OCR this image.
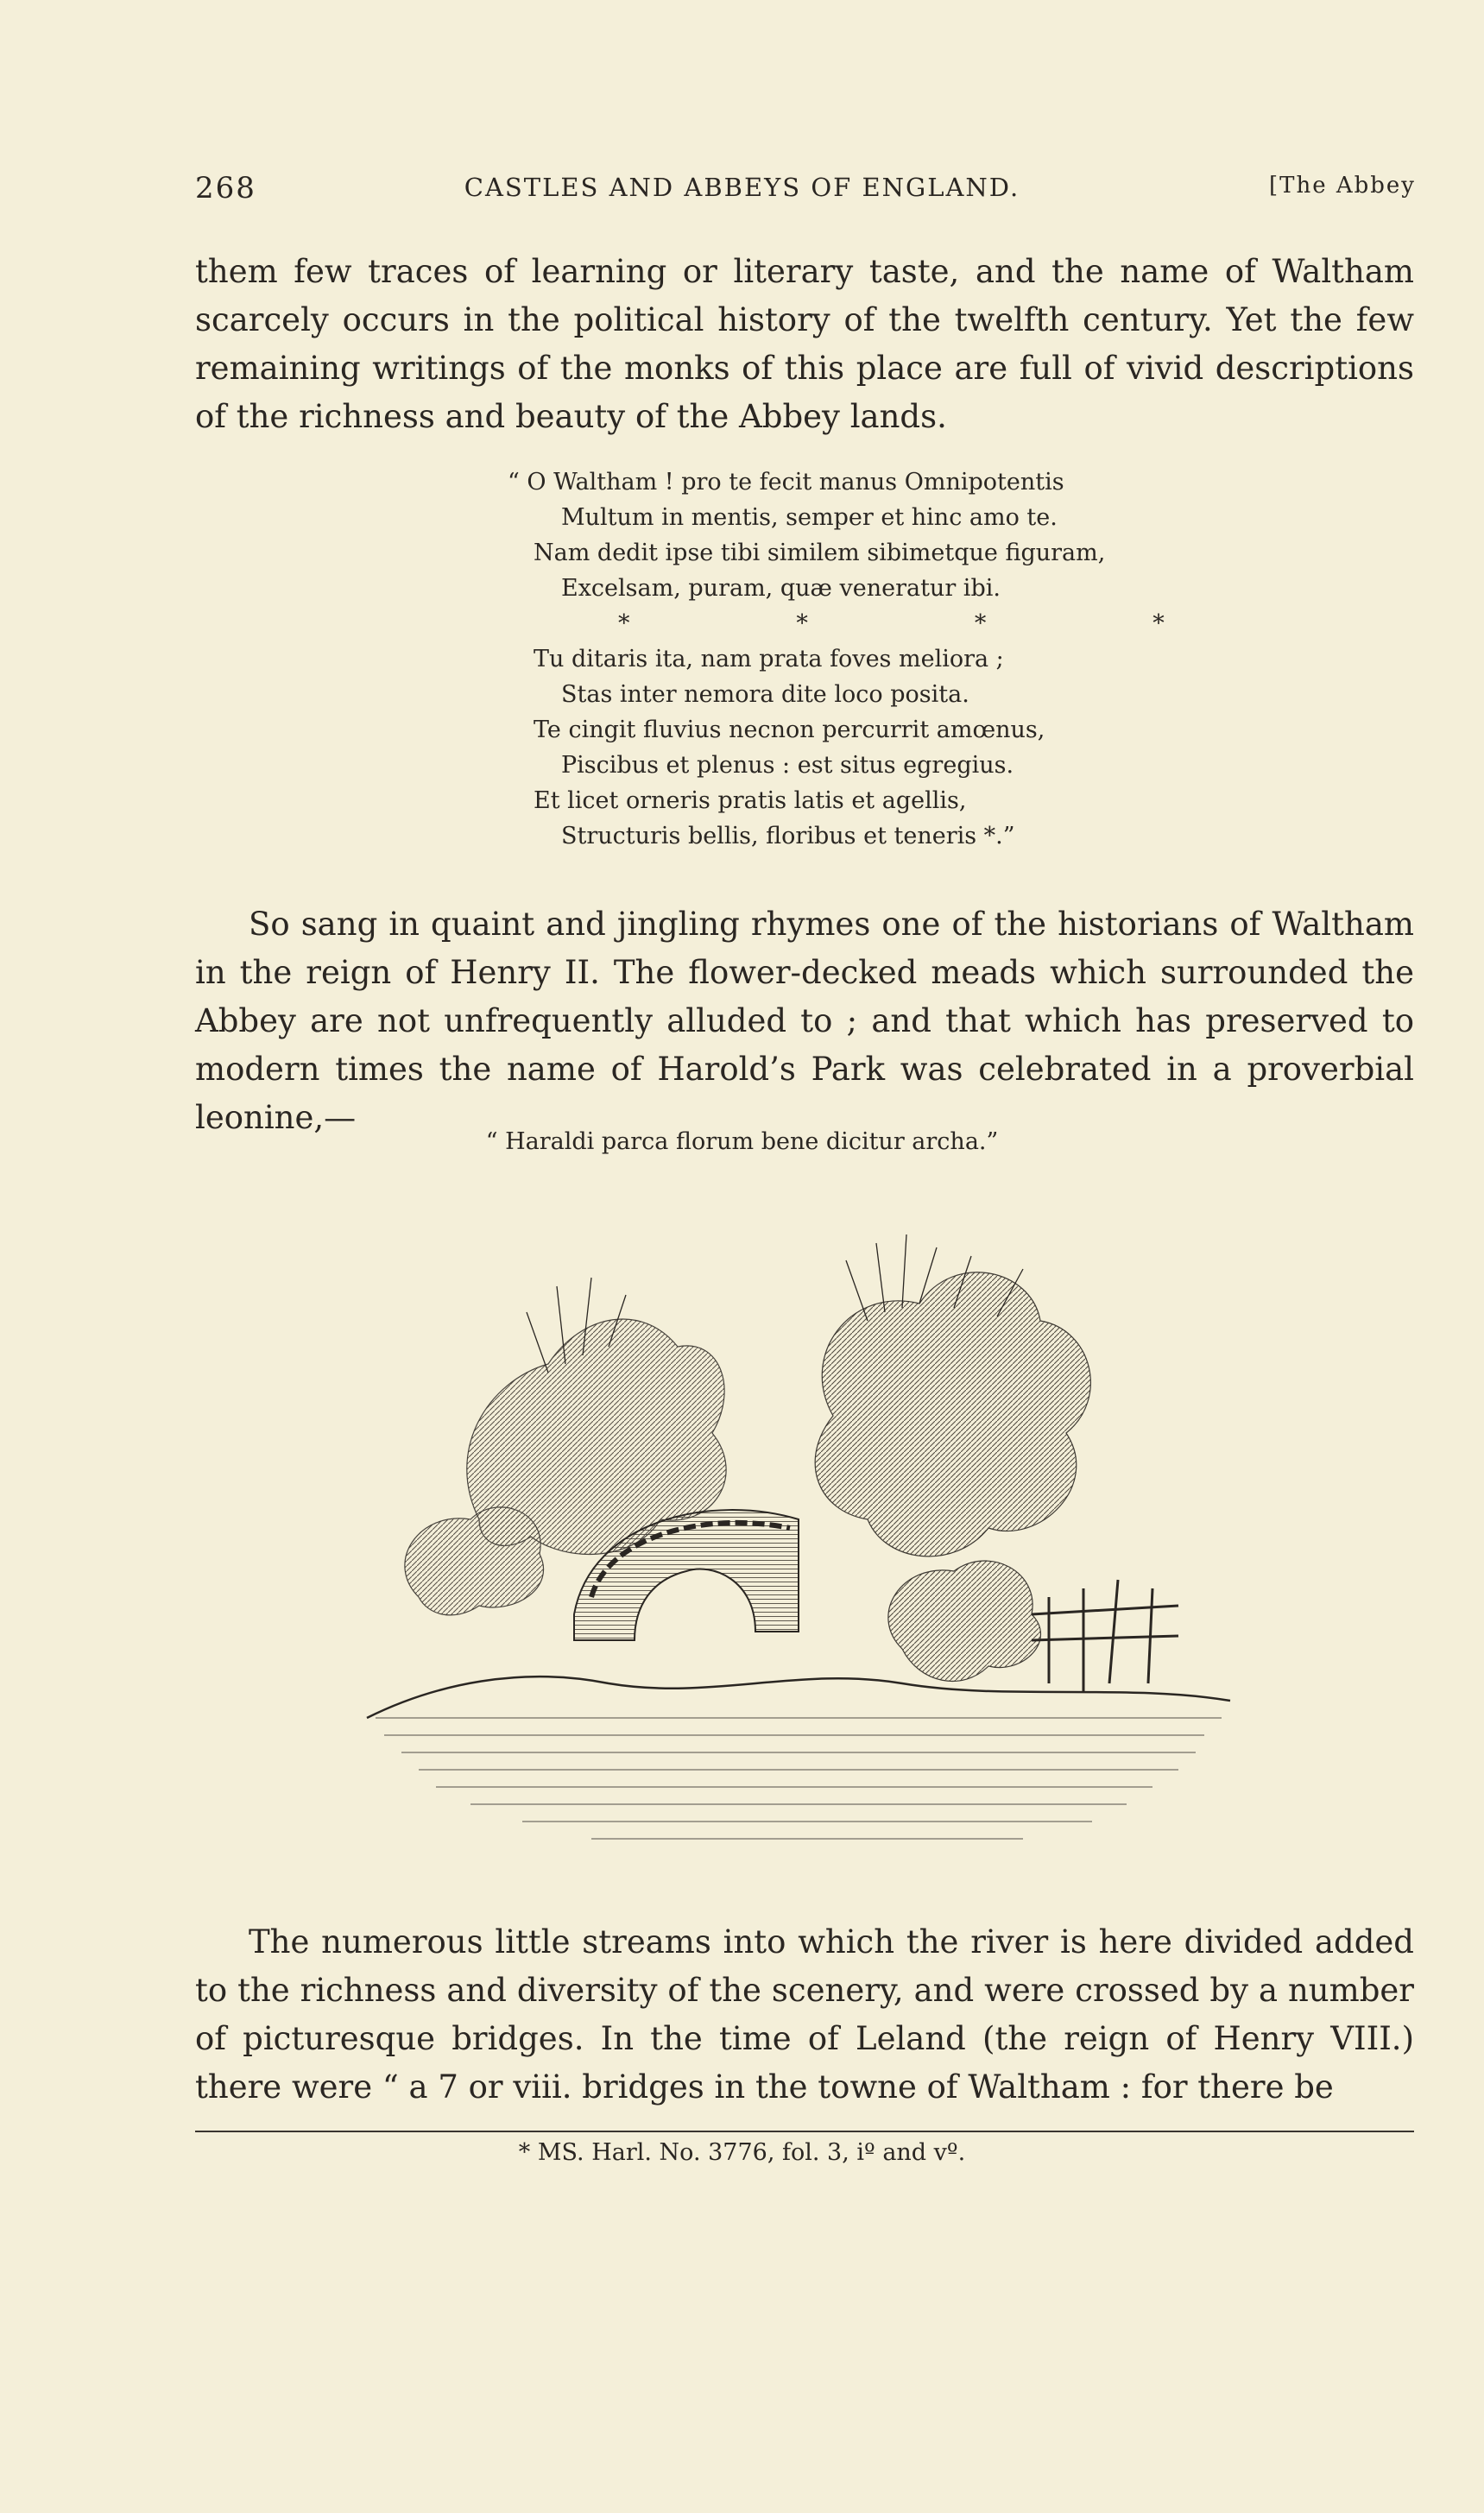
268	CASTLES AND ABBEYS OF ENGLAND.	[The Abbey

them few traces of learning or literary taste, and the name of Waltham scarcely occurs in the political history of the twelfth century. Yet the few remaining writings of the monks of this place are full of vivid descriptions of the richness and beauty of the Abbey lands.

“ O Waltham ! pro te fecit manus Omnipotentis
Multum in mentis, semper et hinc amo te.
Nam dedit ipse tibi similem sibimetque figuram,
Excelsam, puram, quæ veneratur ibi.
*     *     *     *
Tu ditaris ita, nam prata foves meliora ;
Stas inter nemora dite loco posita.
Te cingit fluvius necnon percurrit amœnus,
Piscibus et plenus : est situs egregius.
Et licet orneris pratis latis et agellis,
Structuris bellis, floribus et teneris *.”

So sang in quaint and jingling rhymes one of the historians of Waltham in the reign of Henry II. The flower-decked meads which surrounded the Abbey are not unfrequently alluded to ; and that which has preserved to modern times the name of Harold’s Park was celebrated in a proverbial leonine,—

“ Haraldi parca florum bene dicitur archa.”

The numerous little streams into which the river is here divided added to the richness and diversity of the scenery, and were crossed by a number of picturesque bridges. In the time of Leland (the reign of Henry VIII.) there were “ a 7 or viii. bridges in the towne of Waltham : for there be

* MS. Harl. No. 3776, fol. 3, iº and vº.
